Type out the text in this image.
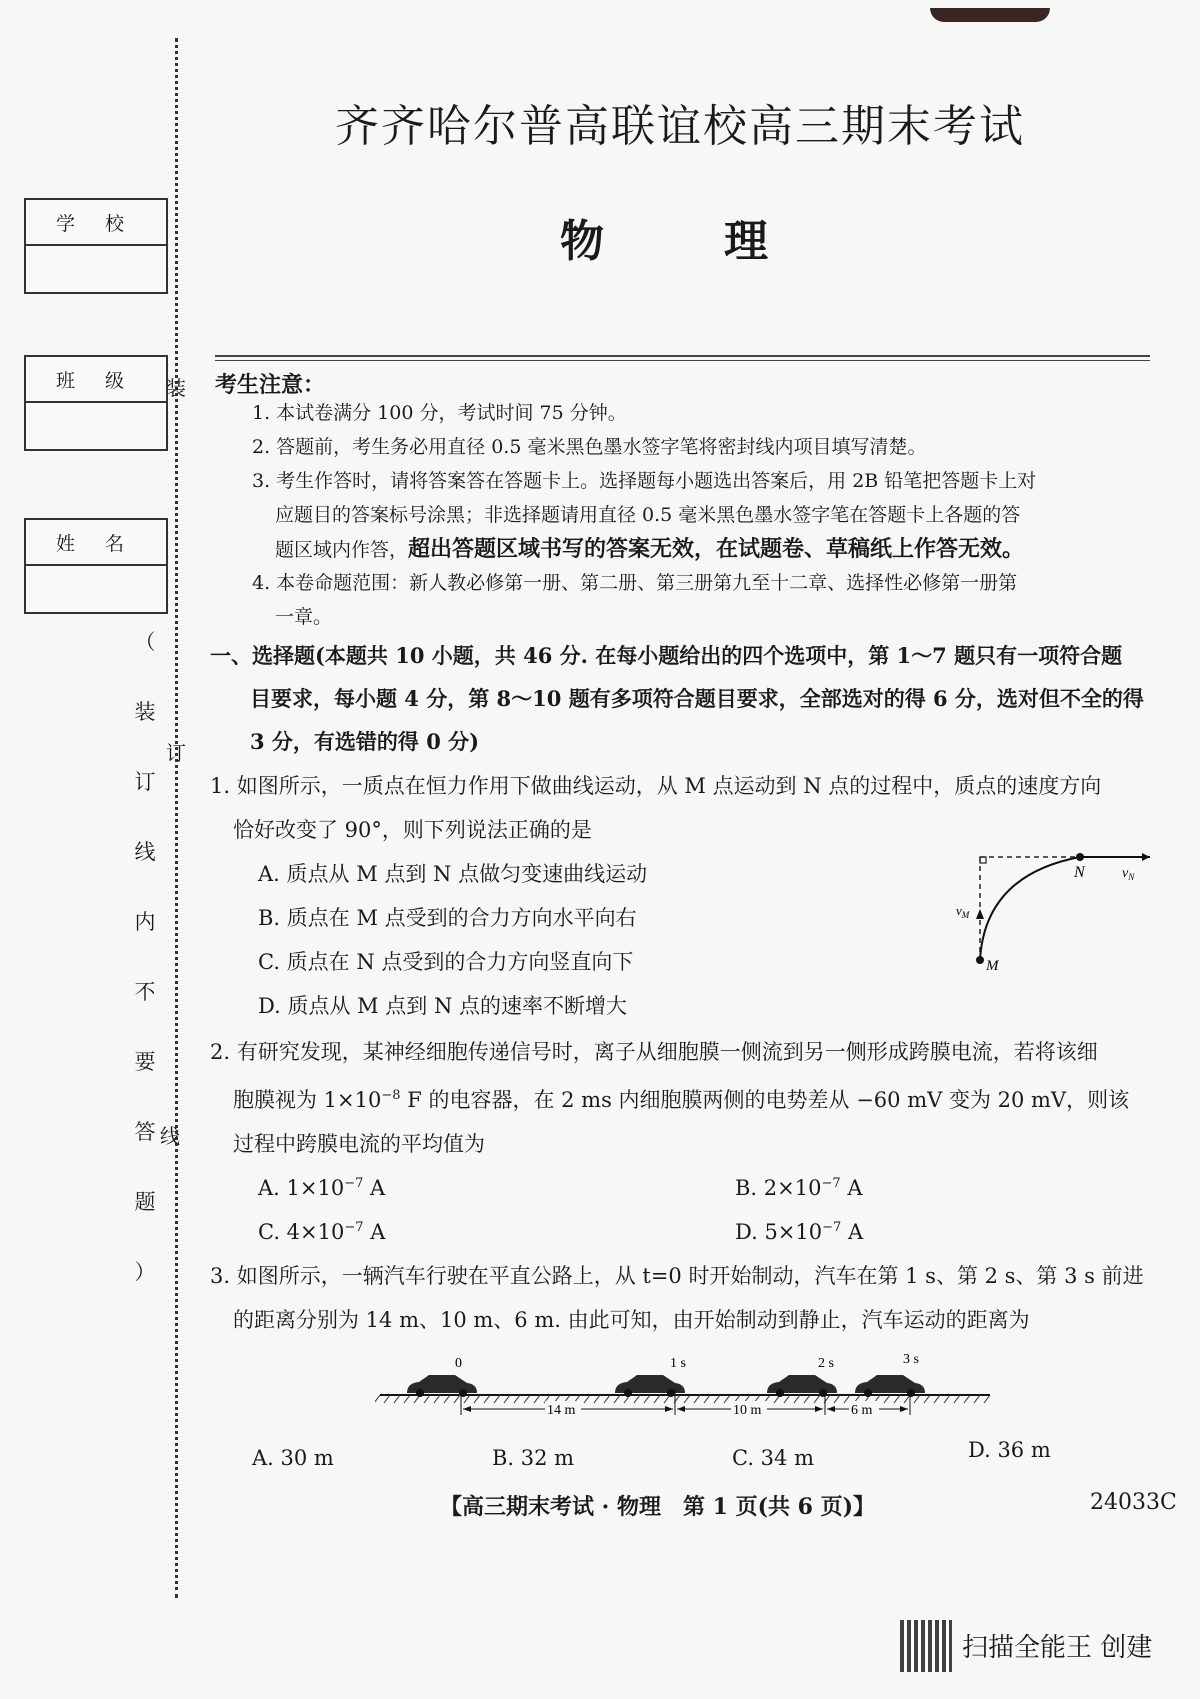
学 校
班 级
姓 名
装
订
线
（
装
订
线
内
不
要
答
题
）
齐齐哈尔普高联谊校高三期末考试
物理
考生注意：
1. 本试卷满分 100 分，考试时间 75 分钟。
2. 答题前，考生务必用直径 0.5 毫米黑色墨水签字笔将密封线内项目填写清楚。
3. 考生作答时，请将答案答在答题卡上。选择题每小题选出答案后，用 2B 铅笔把答题卡上对
应题目的答案标号涂黑；非选择题请用直径 0.5 毫米黑色墨水签字笔在答题卡上各题的答
题区域内作答，超出答题区域书写的答案无效，在试题卷、草稿纸上作答无效。
4. 本卷命题范围：新人教必修第一册、第二册、第三册第九至十二章、选择性必修第一册第
一章。
一、选择题(本题共 10 小题，共 46 分. 在每小题给出的四个选项中，第 1～7 题只有一项符合题

目要求，每小题 4 分，第 8～10 题有多项符合题目要求，全部选对的得 6 分，选对但不全的得
3 分，有选错的得 0 分)
1. 如图所示，一质点在恒力作用下做曲线运动，从 M 点运动到 N 点的过程中，质点的速度方向
恰好改变了 90°，则下列说法正确的是
A. 质点从 M 点到 N 点做匀变速曲线运动
B. 质点在 M 点受到的合力方向水平向右
C. 质点在 N 点受到的合力方向竖直向下
D. 质点从 M 点到 N 点的速率不断增大
N	$v_N$
$v_M$
M
2. 有研究发现，某神经细胞传递信号时，离子从细胞膜一侧流到另一侧形成跨膜电流，若将该细
胞膜视为 $1\times 10^{-8}$ F 的电容器，在 2 ms 内细胞膜两侧的电势差从 −60 mV 变为 20 mV，则该
过程中跨膜电流的平均值为
A. $1\times 10^{-7}$ A	B. $2\times 10^{-7}$ A
C. $4\times 10^{-7}$ A	D. $5\times 10^{-7}$ A
3. 如图所示，一辆汽车行驶在平直公路上，从 t=0 时开始制动，汽车在第 1 s、第 2 s、第 3 s 前进
的距离分别为 14 m、10 m、6 m. 由此可知，由开始制动到静止，汽车运动的距离为
0	1 s	2 s	3 s
14 m	10 m	6 m
A. 30 m	B. 32 m	C. 34 m	D. 36 m
【高三期末考试 · 物理　第 1 页(共 6 页)】	24033C
扫描全能王 创建
